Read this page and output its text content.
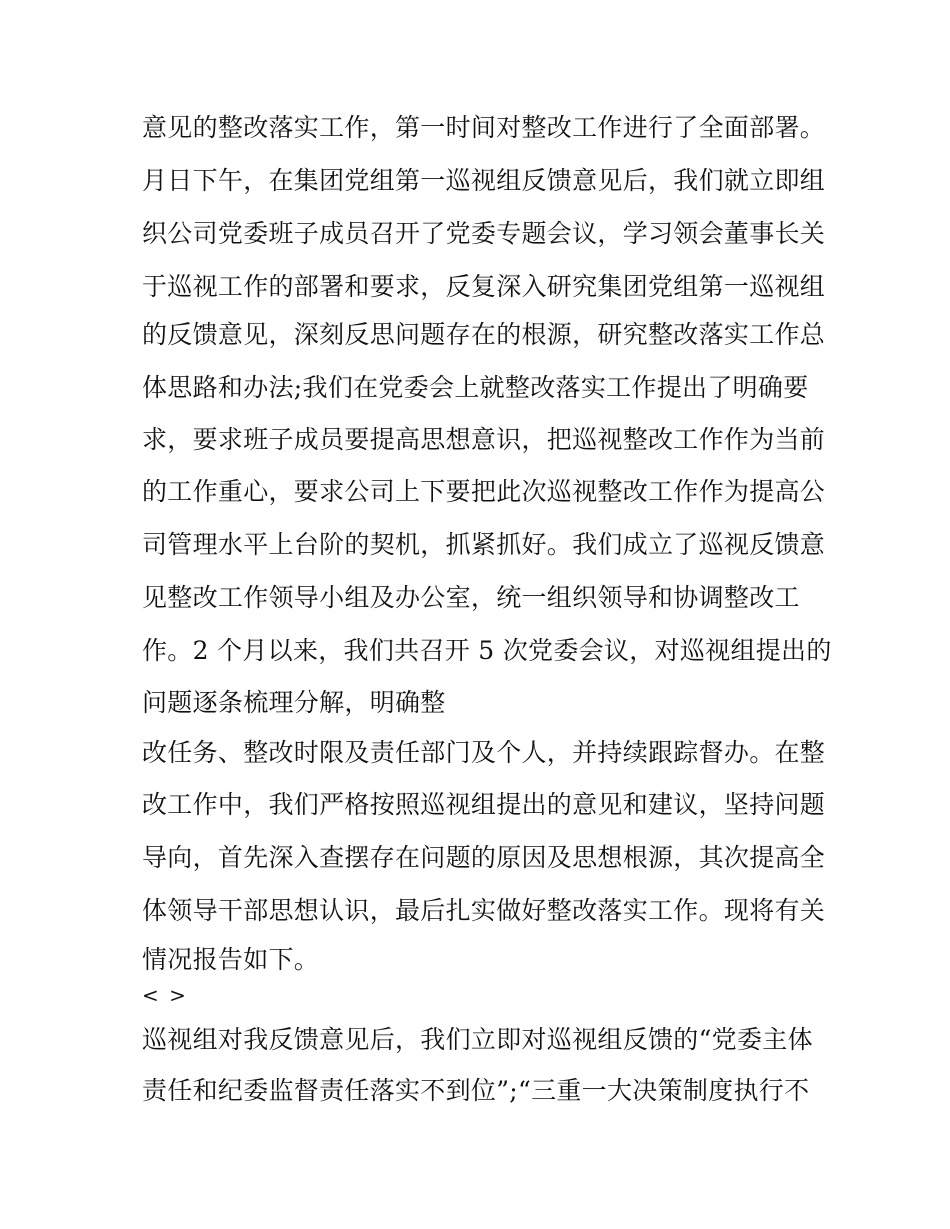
意见的整改落实工作，第一时间对整改工作进行了全面部署。
月日下午，在集团党组第一巡视组反馈意见后，我们就立即组
织公司党委班子成员召开了党委专题会议，学习领会董事长关
于巡视工作的部署和要求，反复深入研究集团党组第一巡视组
的反馈意见，深刻反思问题存在的根源，研究整改落实工作总
体思路和办法;我们在党委会上就整改落实工作提出了明确要
求，要求班子成员要提高思想意识，把巡视整改工作作为当前
的工作重心，要求公司上下要把此次巡视整改工作作为提高公
司管理水平上台阶的契机，抓紧抓好。我们成立了巡视反馈意
见整改工作领导小组及办公室，统一组织领导和协调整改工
作。2 个月以来，我们共召开 5 次党委会议，对巡视组提出的
问题逐条梳理分解，明确整
改任务、整改时限及责任部门及个人，并持续跟踪督办。在整
改工作中，我们严格按照巡视组提出的意见和建议，坚持问题
导向，首先深入查摆存在问题的原因及思想根源，其次提高全
体领导干部思想认识，最后扎实做好整改落实工作。现将有关
情况报告如下。
< >
巡视组对我反馈意见后，我们立即对巡视组反馈的“党委主体
责任和纪委监督责任落实不到位”;“三重一大决策制度执行不
